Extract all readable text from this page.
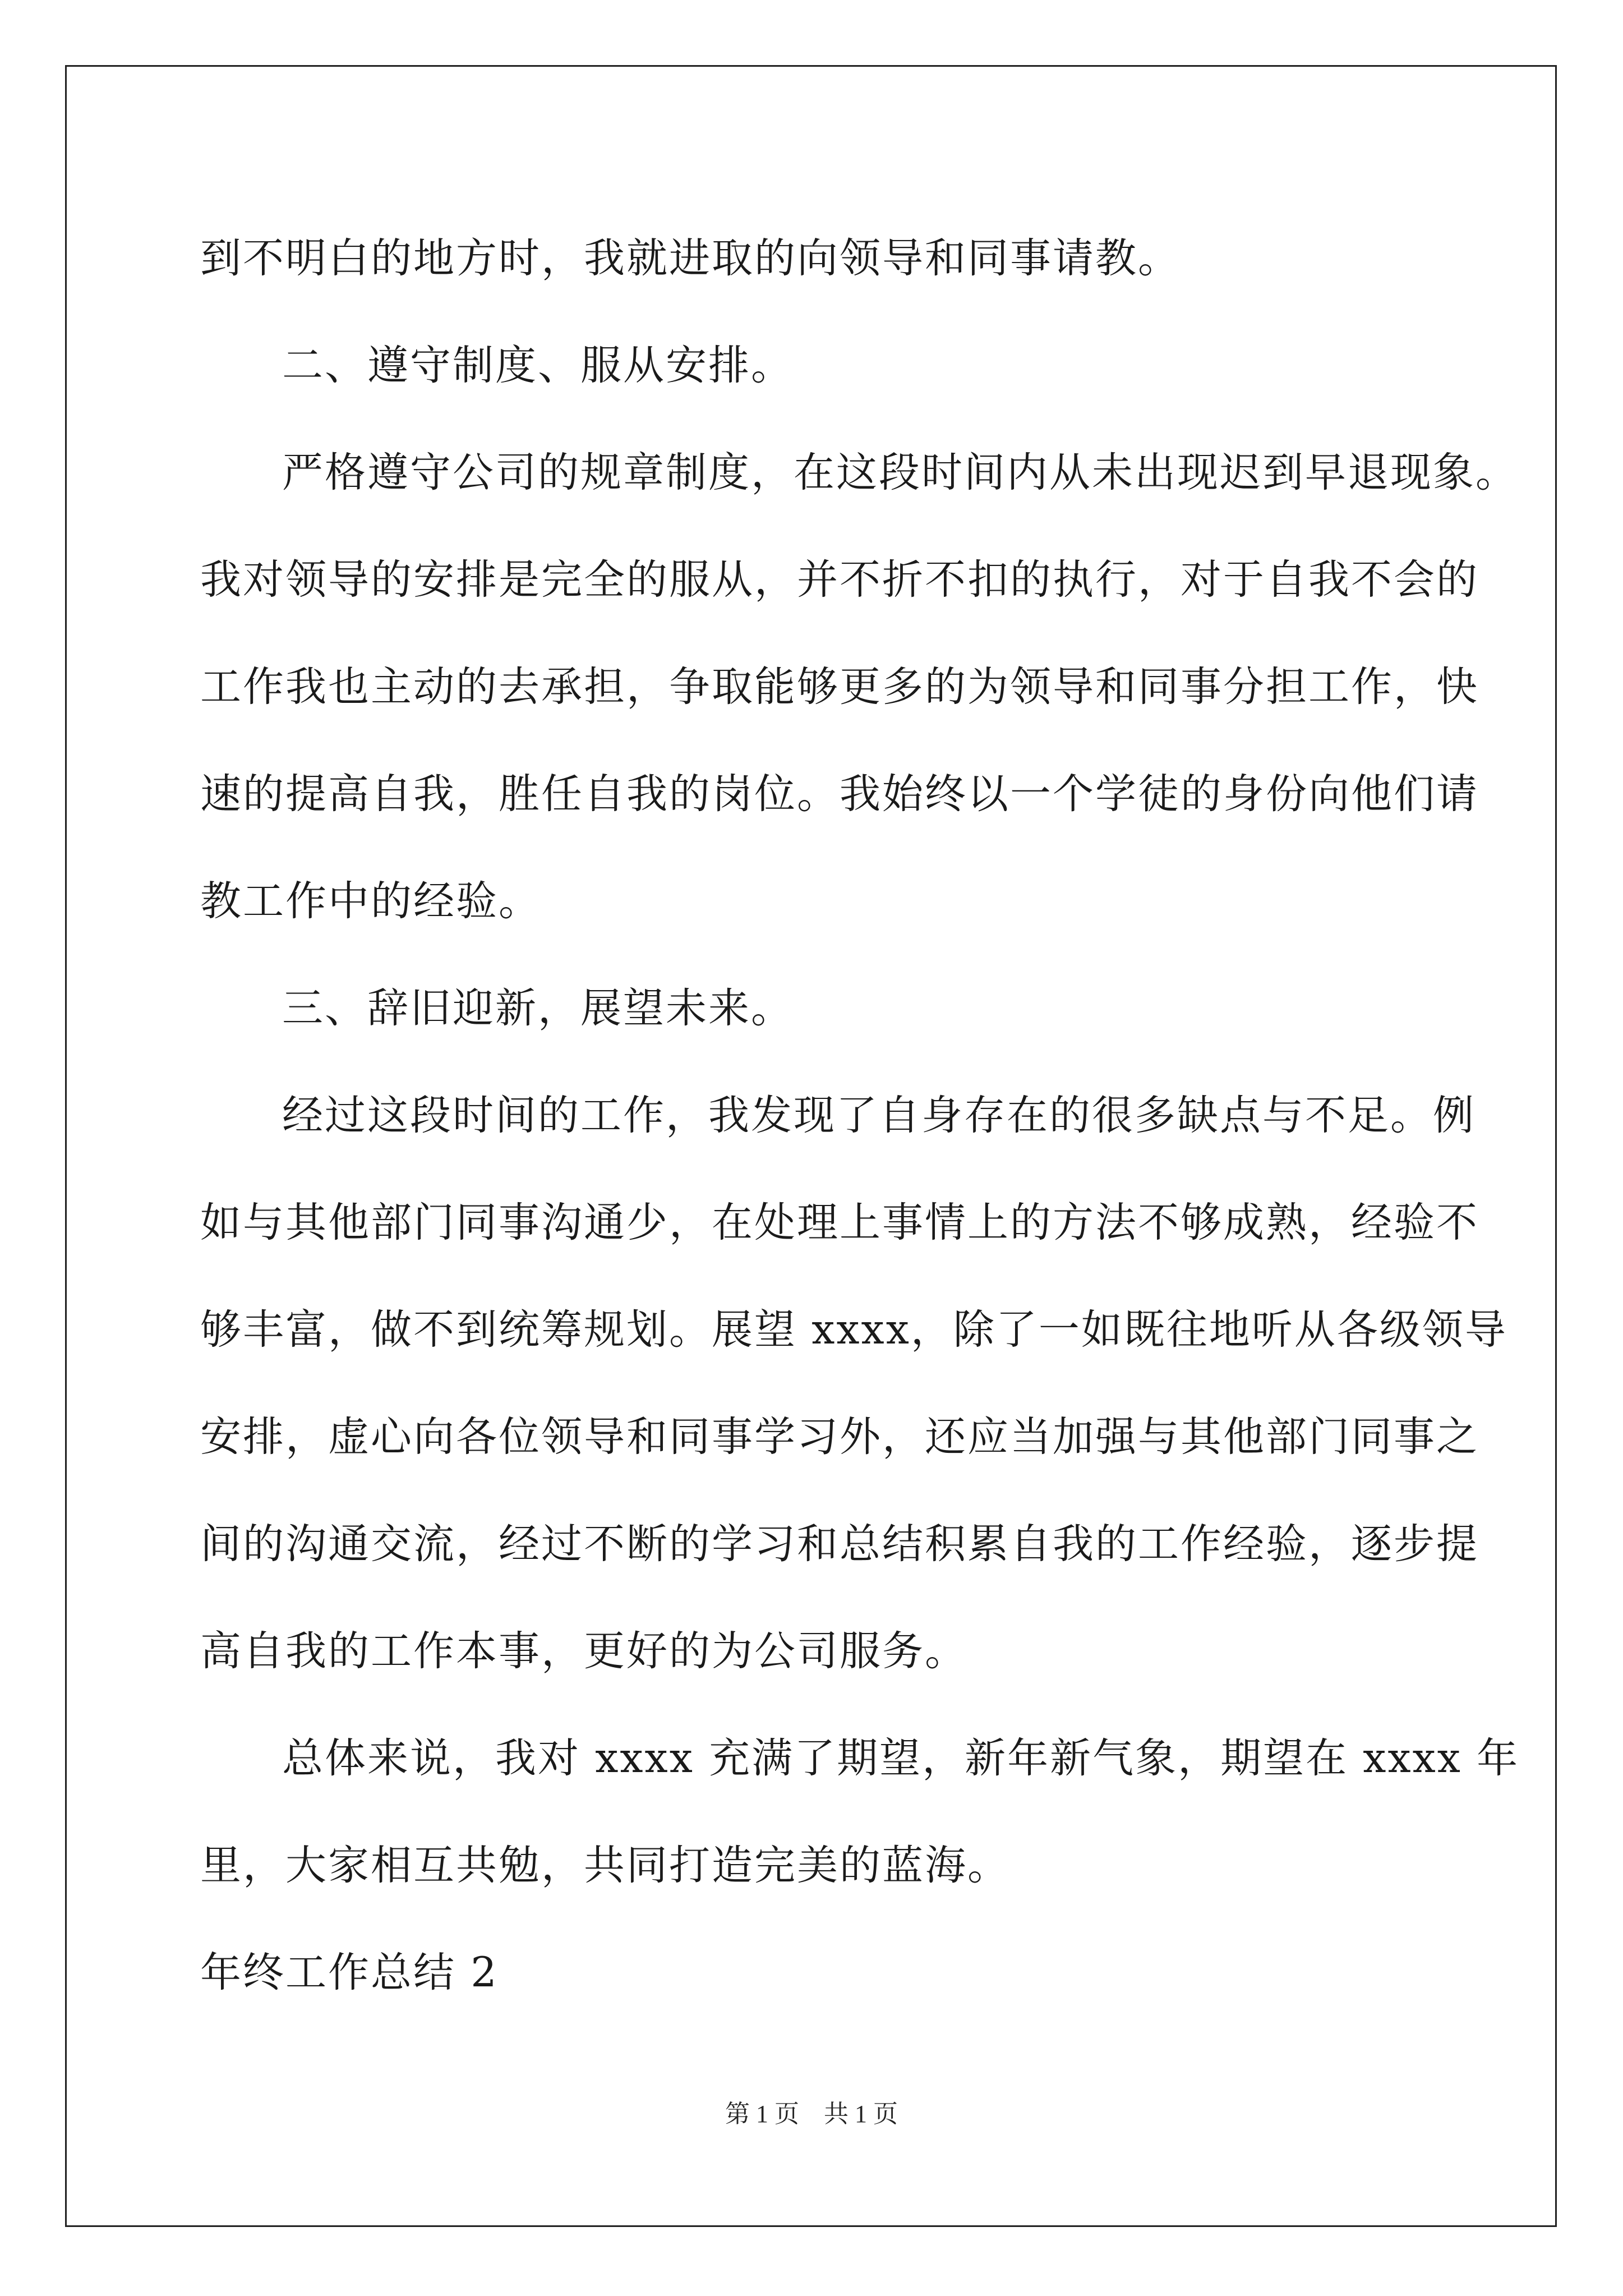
到不明白的地方时，我就进取的向领导和同事请教。
二、遵守制度、服从安排。
严格遵守公司的规章制度，在这段时间内从未出现迟到早退现象。
我对领导的安排是完全的服从，并不折不扣的执行，对于自我不会的
工作我也主动的去承担，争取能够更多的为领导和同事分担工作，快
速的提高自我，胜任自我的岗位。我始终以一个学徒的身份向他们请
教工作中的经验。
三、辞旧迎新，展望未来。
经过这段时间的工作，我发现了自身存在的很多缺点与不足。例
如与其他部门同事沟通少，在处理上事情上的方法不够成熟，经验不
够丰富，做不到统筹规划。展望 xxxx，除了一如既往地听从各级领导
安排，虚心向各位领导和同事学习外，还应当加强与其他部门同事之
间的沟通交流，经过不断的学习和总结积累自我的工作经验，逐步提
高自我的工作本事，更好的为公司服务。
总体来说，我对 xxxx 充满了期望，新年新气象，期望在 xxxx 年
里，大家相互共勉，共同打造完美的蓝海。
年终工作总结 2
第 1 页　共 1 页
